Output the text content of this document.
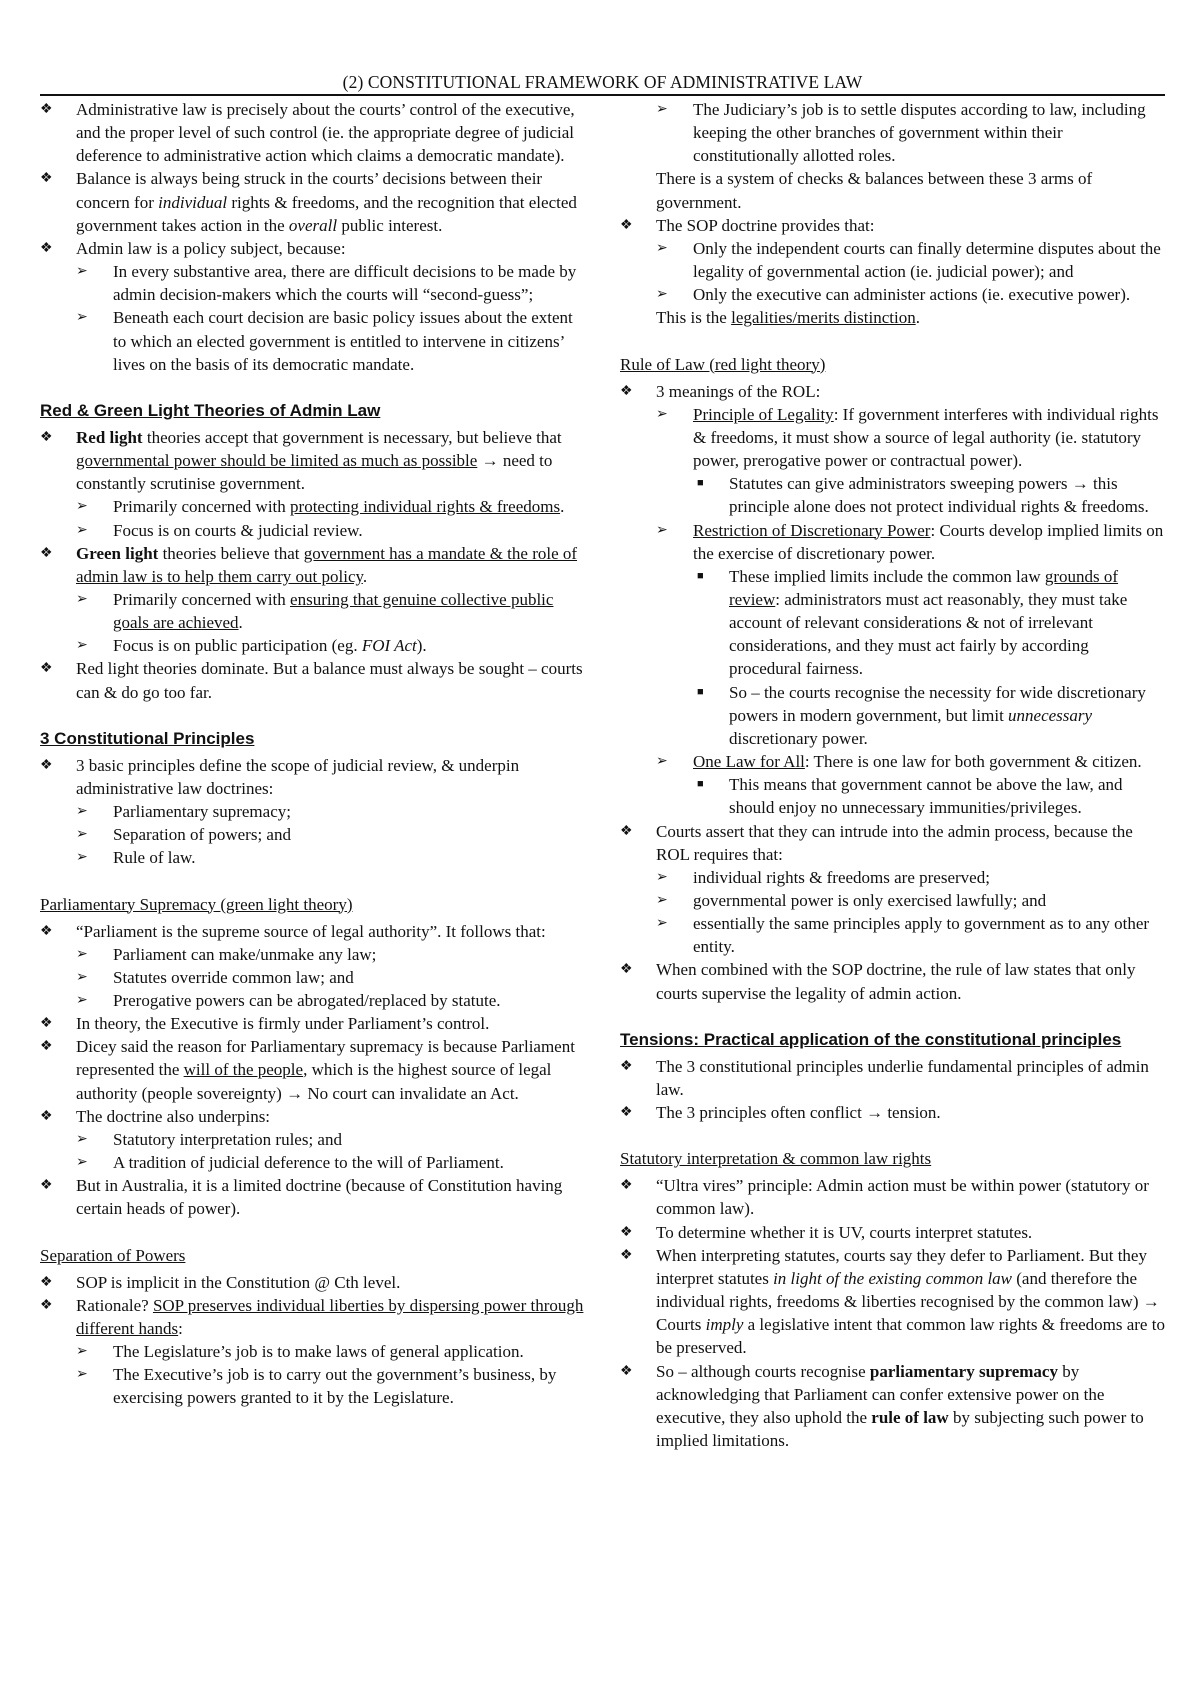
(2) CONSTITUTIONAL FRAMEWORK OF ADMINISTRATIVE LAW
❖ Administrative law is precisely about the courts’ control of the executive, and the proper level of such control (ie. the appropriate degree of judicial deference to administrative action which claims a democratic mandate).
❖ Balance is always being struck in the courts’ decisions between their concern for individual rights & freedoms, and the recognition that elected government takes action in the overall public interest.
❖ Admin law is a policy subject, because:
➢ In every substantive area, there are difficult decisions to be made by admin decision-makers which the courts will “second-guess”;
➢ Beneath each court decision are basic policy issues about the extent to which an elected government is entitled to intervene in citizens’ lives on the basis of its democratic mandate.
Red & Green Light Theories of Admin Law
❖ Red light theories accept that government is necessary, but believe that governmental power should be limited as much as possible → need to constantly scrutinise government.
➢ Primarily concerned with protecting individual rights & freedoms.
➢ Focus is on courts & judicial review.
❖ Green light theories believe that government has a mandate & the role of admin law is to help them carry out policy.
➢ Primarily concerned with ensuring that genuine collective public goals are achieved.
➢ Focus is on public participation (eg. FOI Act).
❖ Red light theories dominate. But a balance must always be sought – courts can & do go too far.
3 Constitutional Principles
❖ 3 basic principles define the scope of judicial review, & underpin administrative law doctrines:
➢ Parliamentary supremacy;
➢ Separation of powers; and
➢ Rule of law.
Parliamentary Supremacy (green light theory)
❖ “Parliament is the supreme source of legal authority”. It follows that:
➢ Parliament can make/unmake any law;
➢ Statutes override common law; and
➢ Prerogative powers can be abrogated/replaced by statute.
❖ In theory, the Executive is firmly under Parliament’s control.
❖ Dicey said the reason for Parliamentary supremacy is because Parliament represented the will of the people, which is the highest source of legal authority (people sovereignty) → No court can invalidate an Act.
❖ The doctrine also underpins:
➢ Statutory interpretation rules; and
➢ A tradition of judicial deference to the will of Parliament.
❖ But in Australia, it is a limited doctrine (because of Constitution having certain heads of power).
Separation of Powers
❖ SOP is implicit in the Constitution @ Cth level.
❖ Rationale? SOP preserves individual liberties by dispersing power through different hands:
➢ The Legislature’s job is to make laws of general application.
➢ The Executive’s job is to carry out the government’s business, by exercising powers granted to it by the Legislature.
➢ The Judiciary’s job is to settle disputes according to law, including keeping the other branches of government within their constitutionally allotted roles.

There is a system of checks & balances between these 3 arms of government.

❖ The SOP doctrine provides that:
➢ Only the independent courts can finally determine disputes about the legality of governmental action (ie. judicial power); and
➢ Only the executive can administer actions (ie. executive power).

This is the legalities/merits distinction.

Rule of Law (red light theory)
❖ 3 meanings of the ROL:
➢ Principle of Legality: If government interferes with individual rights & freedoms, it must show a source of legal authority (ie. statutory power, prerogative power or contractual power).
■ Statutes can give administrators sweeping powers → this principle alone does not protect individual rights & freedoms.
➢ Restriction of Discretionary Power: Courts develop implied limits on the exercise of discretionary power.
■ These implied limits include the common law grounds of review: administrators must act reasonably, they must take account of relevant considerations & not of irrelevant considerations, and they must act fairly by according procedural fairness.
■ So – the courts recognise the necessity for wide discretionary powers in modern government, but limit unnecessary discretionary power.
➢ One Law for All: There is one law for both government & citizen.
■ This means that government cannot be above the law, and should enjoy no unnecessary immunities/privileges.
❖ Courts assert that they can intrude into the admin process, because the ROL requires that:
➢ individual rights & freedoms are preserved;
➢ governmental power is only exercised lawfully; and
➢ essentially the same principles apply to government as to any other entity.
❖ When combined with the SOP doctrine, the rule of law states that only courts supervise the legality of admin action.
Tensions: Practical application of the constitutional principles
❖ The 3 constitutional principles underlie fundamental principles of admin law.
❖ The 3 principles often conflict → tension.
Statutory interpretation & common law rights
❖ “Ultra vires” principle: Admin action must be within power (statutory or common law).
❖ To determine whether it is UV, courts interpret statutes.
❖ When interpreting statutes, courts say they defer to Parliament. But they interpret statutes in light of the existing common law (and therefore the individual rights, freedoms & liberties recognised by the common law) → Courts imply a legislative intent that common law rights & freedoms are to be preserved.
❖ So – although courts recognise parliamentary supremacy by acknowledging that Parliament can confer extensive power on the executive, they also uphold the rule of law by subjecting such power to implied limitations.
